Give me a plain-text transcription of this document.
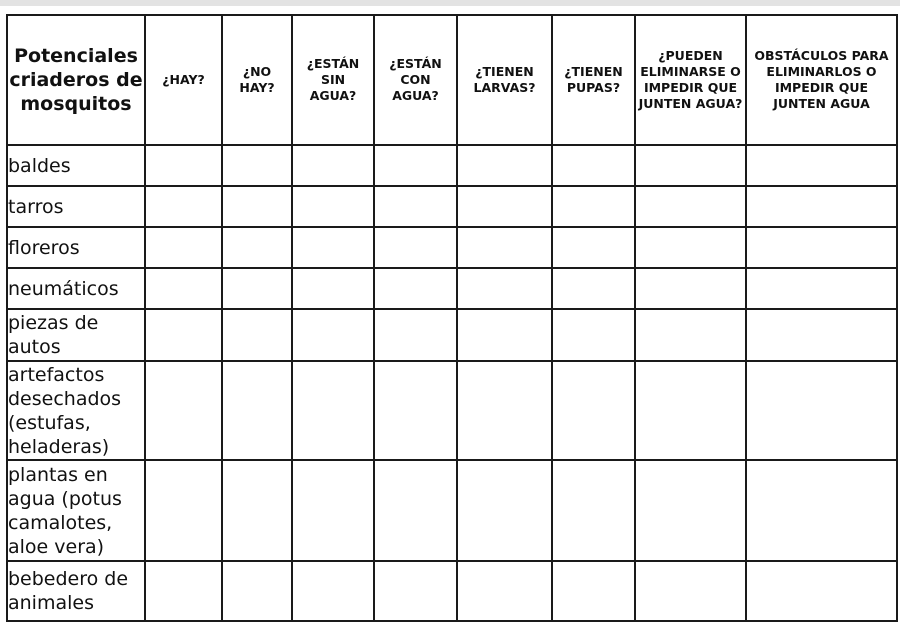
Potenciales criaderos de mosquitos	¿HAY?	¿NO HAY?	¿ESTÁN SIN AGUA?	¿ESTÁN CON AGUA?	¿TIENEN LARVAS?	¿TIENEN PUPAS?	¿PUEDEN ELIMINARSE O IMPEDIR QUE JUNTEN AGUA?	OBSTÁCULOS PARA ELIMINARLOS O IMPEDIR QUE JUNTEN AGUA
baldes								
tarros								
floreros								
neumáticos								
piezas de autos								
artefactos desechados (estufas, heladeras)								
plantas en agua (potus camalotes, aloe vera)								
bebedero de animales								
